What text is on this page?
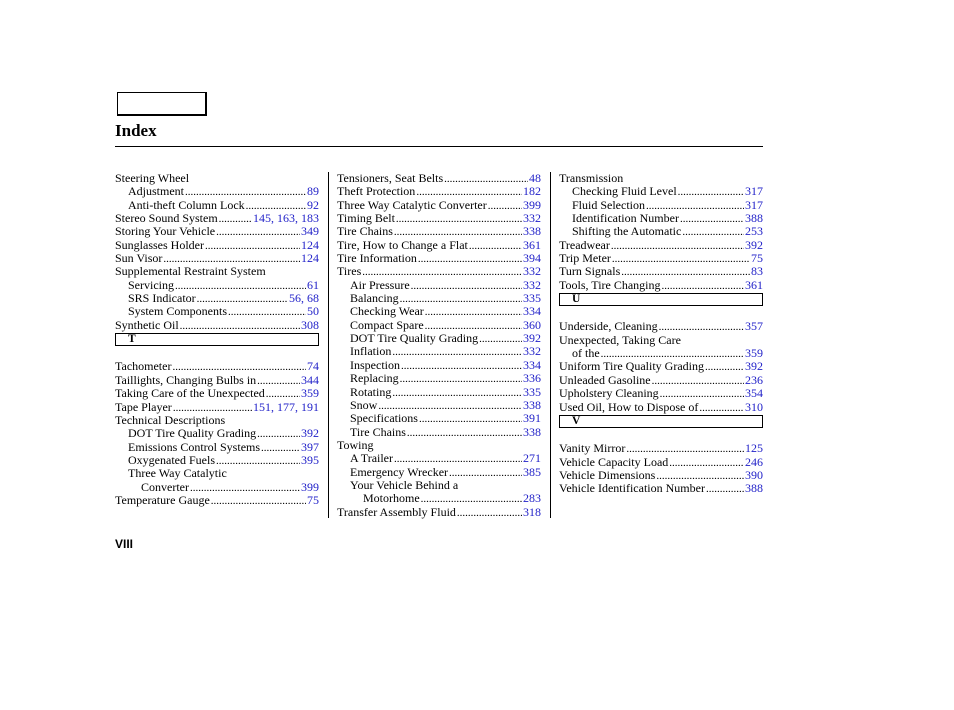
Index
Steering Wheel
Adjustment .....	89
Anti-theft Column Lock .....	92
Stereo Sound System .....	145, 163, 183
Storing Your Vehicle .....	349
Sunglasses Holder .....	124
Sun Visor .....	124
Supplemental Restraint System
Servicing .....	61
SRS Indicator .....	56, 68
System Components .....	50
Synthetic Oil .....	308
T
Tachometer .....	74
Taillights, Changing Bulbs in .....	344
Taking Care of the Unexpected .....	359
Tape Player .....	151, 177, 191
Technical Descriptions
DOT Tire Quality Grading .....	392
Emissions Control Systems .....	397
Oxygenated Fuels .....	395
Three Way Catalytic
Converter .....	399
Temperature Gauge .....	75
Tensioners, Seat Belts .....	48
Theft Protection .....	182
Three Way Catalytic Converter .....	399
Timing Belt .....	332
Tire Chains .....	338
Tire, How to Change a Flat .....	361
Tire Information .....	394
Tires .....	332
Air Pressure .....	332
Balancing .....	335
Checking Wear .....	334
Compact Spare .....	360
DOT Tire Quality Grading .....	392
Inflation .....	332
Inspection .....	334
Replacing .....	336
Rotating .....	335
Snow .....	338
Specifications .....	391
Tire Chains .....	338
Towing
A Trailer .....	271
Emergency Wrecker .....	385
Your Vehicle Behind a
Motorhome .....	283
Transfer Assembly Fluid .....	318
Transmission
Checking Fluid Level .....	317
Fluid Selection .....	317
Identification Number .....	388
Shifting the Automatic .....	253
Treadwear .....	392
Trip Meter .....	75
Turn Signals .....	83
Tools, Tire Changing .....	361
U
Underside, Cleaning .....	357
Unexpected, Taking Care
of the .....	359
Uniform Tire Quality Grading .....	392
Unleaded Gasoline .....	236
Upholstery Cleaning .....	354
Used Oil, How to Dispose of .....	310
V
Vanity Mirror .....	125
Vehicle Capacity Load .....	246
Vehicle Dimensions .....	390
Vehicle Identification Number .....	388
VIII
